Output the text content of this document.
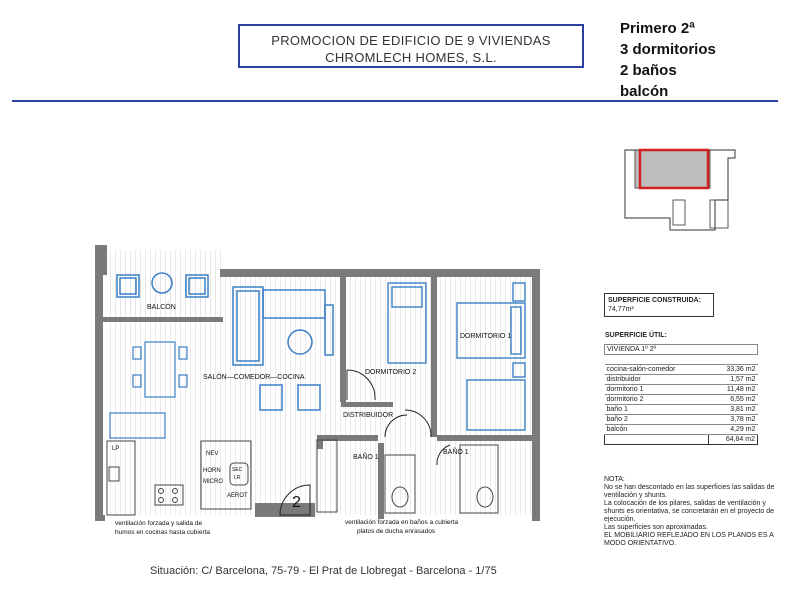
PROMOCION DE EDIFICIO DE 9 VIVIENDAS
CHROMLECH HOMES, S.L.
Primero 2ª
3 dormitorios
2 baños
balcón
BALCÓN
SALÓN—COMEDOR—COCINA
DORMITORIO 2
DORMITORIO 1
DISTRIBUIDOR
BAÑO 1
BAÑO 1
NEV
HORN
MICRO
SEC
LR
AEROT
LP
2
ventilación forzada y salida de
humos en cocinas hasta cubierta
ventilación forzada en baños a cubierta
platos de ducha enrasados
SUPERFICIE CONSTRUIDA:
74,77m²
SUPERFICIE ÚTIL:
VIVIENDA 1º 2º	

cocina-salón-comedor	33,36 m2
distribuidor	1,57 m2
dormitorio 1	11,48 m2
dormitorio 2	6,55 m2
baño 1	3,81 m2
baño 2	3,78 m2
balcón	4,29 m2
	64,84 m2
NOTA:
No se han descontado en las superficies las salidas de ventilación y shunts.
La colocación de los pilares, salidas de ventilación y shunts es orientativa, se concretarán en el proyecto de ejecución.
Las superficies son aproximadas.
EL MOBILIARIO REFLEJADO EN LOS PLANOS ES A MODO ORIENTATIVO.
Situación: C/ Barcelona, 75-79 - El Prat de Llobregat - Barcelona - 1/75
